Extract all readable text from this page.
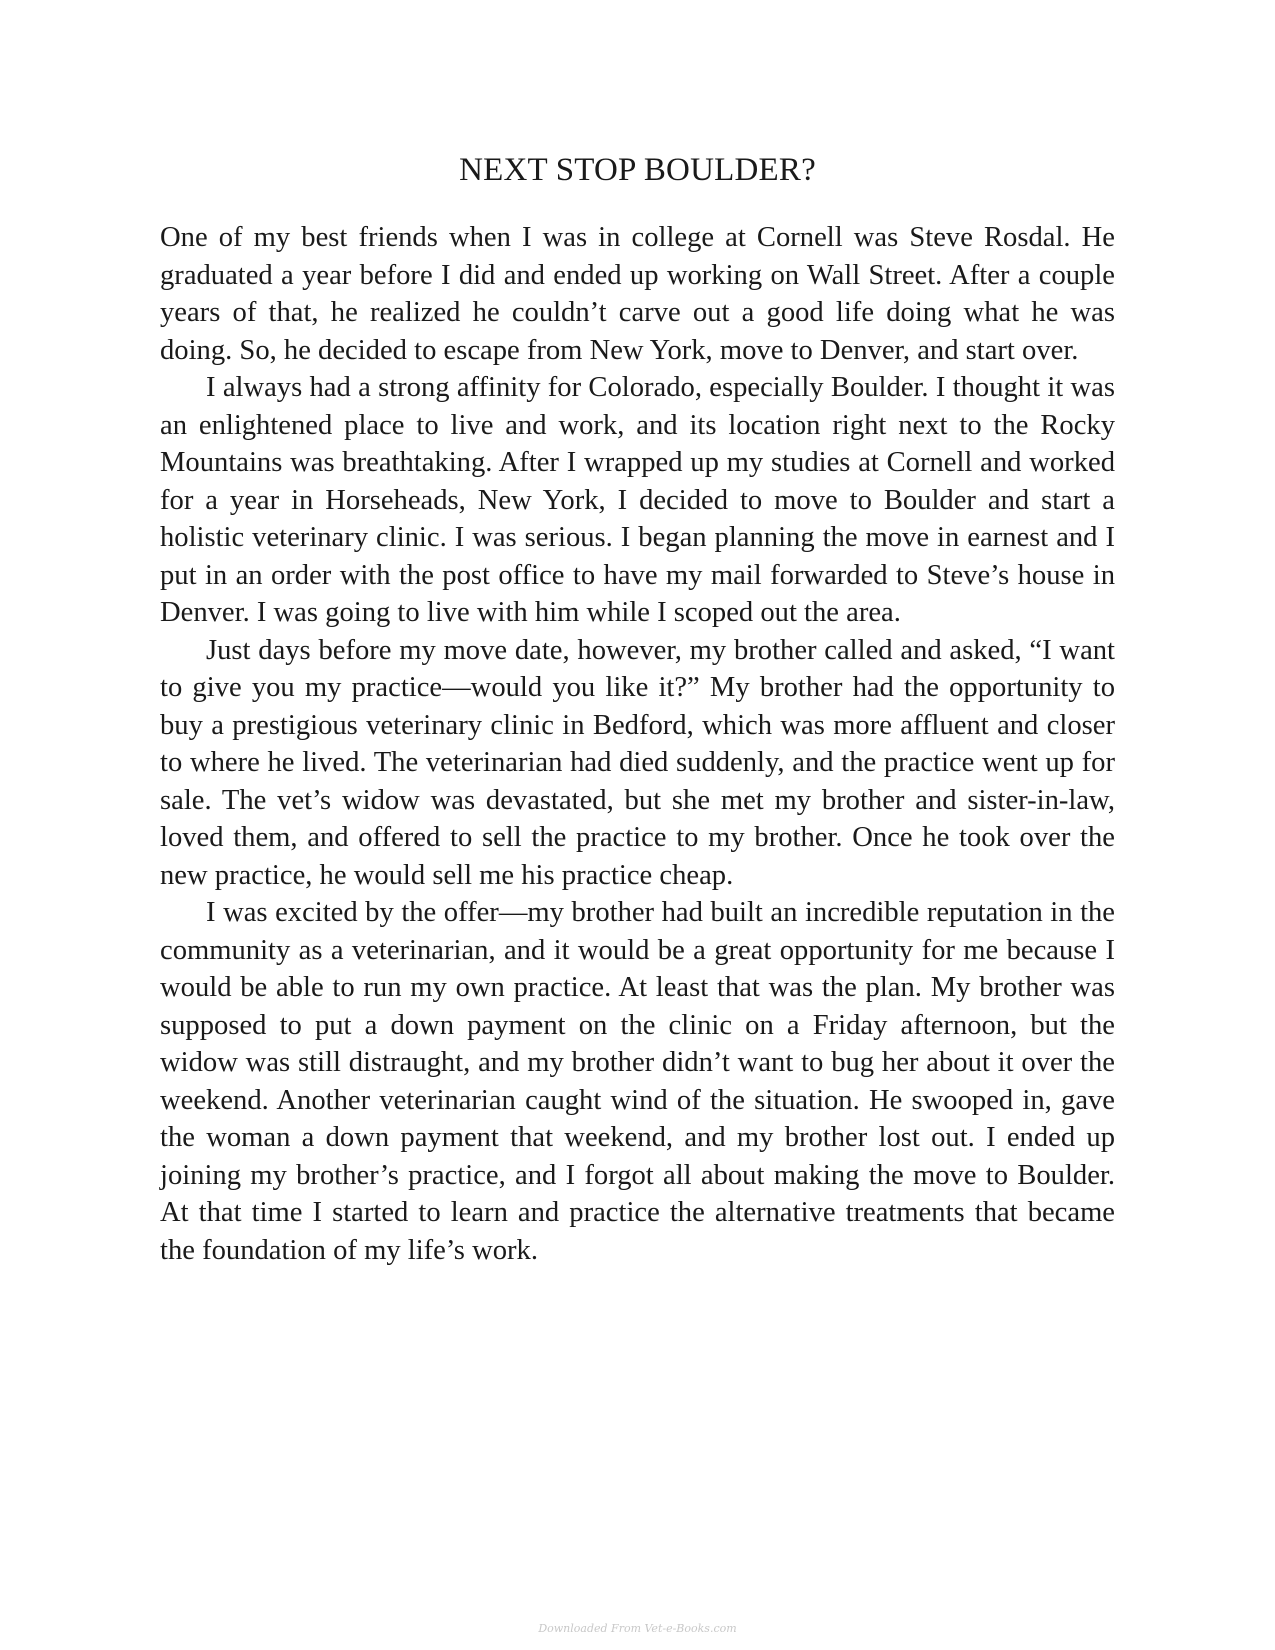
NEXT STOP BOULDER?

One of my best friends when I was in college at Cornell was Steve Rosdal. He graduated a year before I did and ended up working on Wall Street. After a couple years of that, he realized he couldn’t carve out a good life doing what he was doing. So, he decided to escape from New York, move to Denver, and start over.

I always had a strong affinity for Colorado, especially Boulder. I thought it was an enlightened place to live and work, and its location right next to the Rocky Mountains was breathtaking. After I wrapped up my studies at Cornell and worked for a year in Horseheads, New York, I decided to move to Boulder and start a holistic veterinary clinic. I was serious. I began planning the move in earnest and I put in an order with the post office to have my mail forwarded to Steve’s house in Denver. I was going to live with him while I scoped out the area.

Just days before my move date, however, my brother called and asked, “I want to give you my practice—would you like it?” My brother had the opportunity to buy a prestigious veterinary clinic in Bedford, which was more affluent and closer to where he lived. The veterinarian had died suddenly, and the practice went up for sale. The vet’s widow was devastated, but she met my brother and sister-in-law, loved them, and offered to sell the practice to my brother. Once he took over the new practice, he would sell me his practice cheap.

I was excited by the offer—my brother had built an incredible reputation in the community as a veterinarian, and it would be a great opportunity for me because I would be able to run my own practice. At least that was the plan. My brother was supposed to put a down payment on the clinic on a Friday afternoon, but the widow was still distraught, and my brother didn’t want to bug her about it over the weekend. Another veterinarian caught wind of the situation. He swooped in, gave the woman a down payment that weekend, and my brother lost out. I ended up joining my brother’s practice, and I forgot all about making the move to Boulder. At that time I started to learn and practice the alternative treatments that became the foundation of my life’s work.

Downloaded From Vet-e-Books.com
